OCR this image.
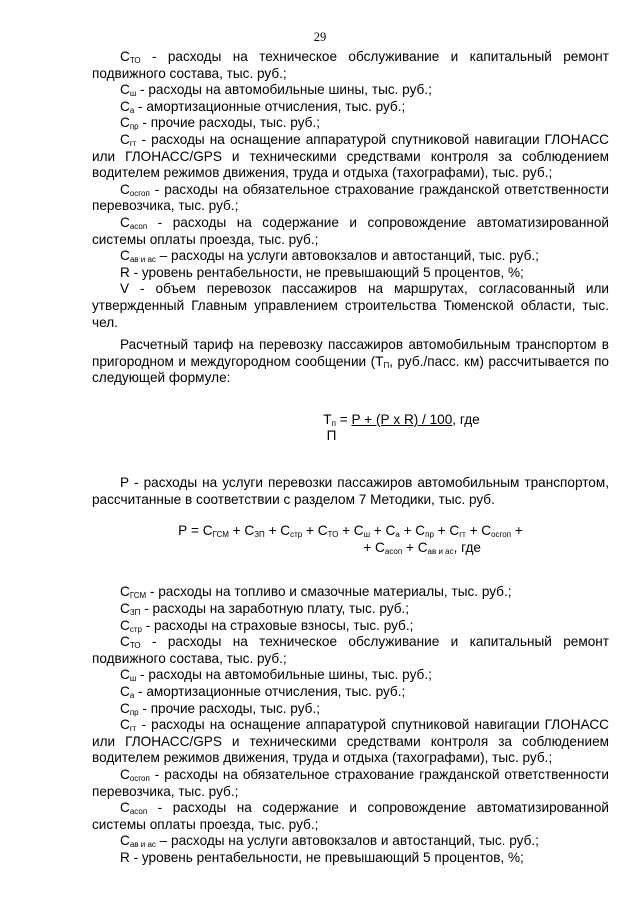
29

$С_{ТО}$ - расходы на техническое обслуживание и капитальный ремонт подвижного состава, тыс. руб.;

$С_ш$ - расходы на автомобильные шины, тыс. руб.;

$С_а$ - амортизационные отчисления, тыс. руб.;

$С_{пр}$ - прочие расходы, тыс. руб.;

$С_{гт}$ - расходы на оснащение аппаратурой спутниковой навигации ГЛОНАСС или ГЛОНАСС/GPS и техническими средствами контроля за соблюдением водителем режимов движения, труда и отдыха (тахографами), тыс. руб.;

$С_{осгоп}$ - расходы на обязательное страхование гражданской ответственности перевозчика, тыс. руб.;

$С_{асоп}$ - расходы на содержание и сопровождение автоматизированной системы оплаты проезда, тыс. руб.;

$С_{ав и ас}$ – расходы на услуги автовокзалов и автостанций, тыс. руб.;

R - уровень рентабельности, не превышающий 5 процентов, %;

V - объем перевозок пассажиров на маршрутах, согласованный или утвержденный Главным управлением строительства Тюменской области, тыс. чел.

Расчетный тариф на перевозку пассажиров автомобильным транспортом в пригородном и междугородном сообщении ($Т_П$, руб./пасс. км) рассчитывается по следующей формуле:

$Т_п = Р + (Р$ х R) / 100, где
П

Р - расходы на услуги перевозки пассажиров автомобильным транспортом, рассчитанные в соответствии с разделом 7 Методики, тыс. руб.

$Р = С_{ГСМ} + С_{ЗП} + С_{стр} + С_{ТО} + С_ш + С_а + С_{пр} + С_{гт} + С_{осгоп}$ +
+ $С_{асоп} + С_{ав и ас}$, где

$С_{ГСМ}$ - расходы на топливо и смазочные материалы, тыс. руб.;

$С_{ЗП}$ - расходы на заработную плату, тыс. руб.;

$С_{стр}$ - расходы на страховые взносы, тыс. руб.;

$С_{ТО}$ - расходы на техническое обслуживание и капитальный ремонт подвижного состава, тыс. руб.;

$С_ш$ - расходы на автомобильные шины, тыс. руб.;

$С_а$ - амортизационные отчисления, тыс. руб.;

$С_{пр}$ - прочие расходы, тыс. руб.;

$С_{гт}$ - расходы на оснащение аппаратурой спутниковой навигации ГЛОНАСС или ГЛОНАСС/GPS и техническими средствами контроля за соблюдением водителем режимов движения, труда и отдыха (тахографами), тыс. руб.;

$С_{осгоп}$ - расходы на обязательное страхование гражданской ответственности перевозчика, тыс. руб.;

$С_{асоп}$ - расходы на содержание и сопровождение автоматизированной системы оплаты проезда, тыс. руб.;

$С_{ав и ас}$ – расходы на услуги автовокзалов и автостанций, тыс. руб.;

R - уровень рентабельности, не превышающий 5 процентов, %;
